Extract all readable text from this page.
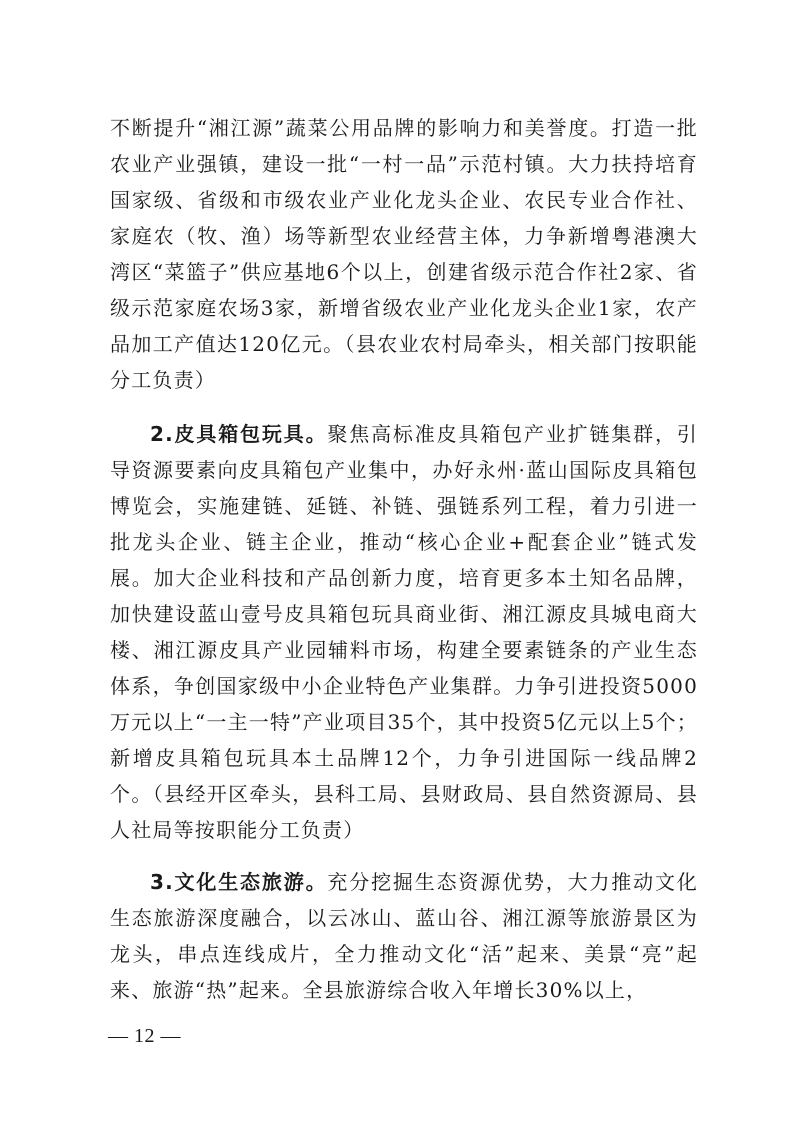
不断提升“湘江源”蔬菜公用品牌的影响力和美誉度。打造一批农业产业强镇，建设一批“一村一品”示范村镇。大力扶持培育国家级、省级和市级农业产业化龙头企业、农民专业合作社、家庭农（牧、渔）场等新型农业经营主体，力争新增粤港澳大湾区“菜篮子”供应基地6个以上，创建省级示范合作社2家、省级示范家庭农场3家，新增省级农业产业化龙头企业1家，农产品加工产值达120亿元。（县农业农村局牵头，相关部门按职能分工负责）

2.皮具箱包玩具。聚焦高标准皮具箱包产业扩链集群，引导资源要素向皮具箱包产业集中，办好永州·蓝山国际皮具箱包博览会，实施建链、延链、补链、强链系列工程，着力引进一批龙头企业、链主企业，推动“核心企业+配套企业”链式发展。加大企业科技和产品创新力度，培育更多本土知名品牌，加快建设蓝山壹号皮具箱包玩具商业街、湘江源皮具城电商大楼、湘江源皮具产业园辅料市场，构建全要素链条的产业生态体系，争创国家级中小企业特色产业集群。力争引进投资5000万元以上“一主一特”产业项目35个，其中投资5亿元以上5个；新增皮具箱包玩具本土品牌12个，力争引进国际一线品牌2个。（县经开区牵头，县科工局、县财政局、县自然资源局、县人社局等按职能分工负责）

3.文化生态旅游。充分挖掘生态资源优势，大力推动文化生态旅游深度融合，以云冰山、蓝山谷、湘江源等旅游景区为龙头，串点连线成片，全力推动文化“活”起来、美景“亮”起来、旅游“热”起来。全县旅游综合收入年增长30%以上，

— 12 —
